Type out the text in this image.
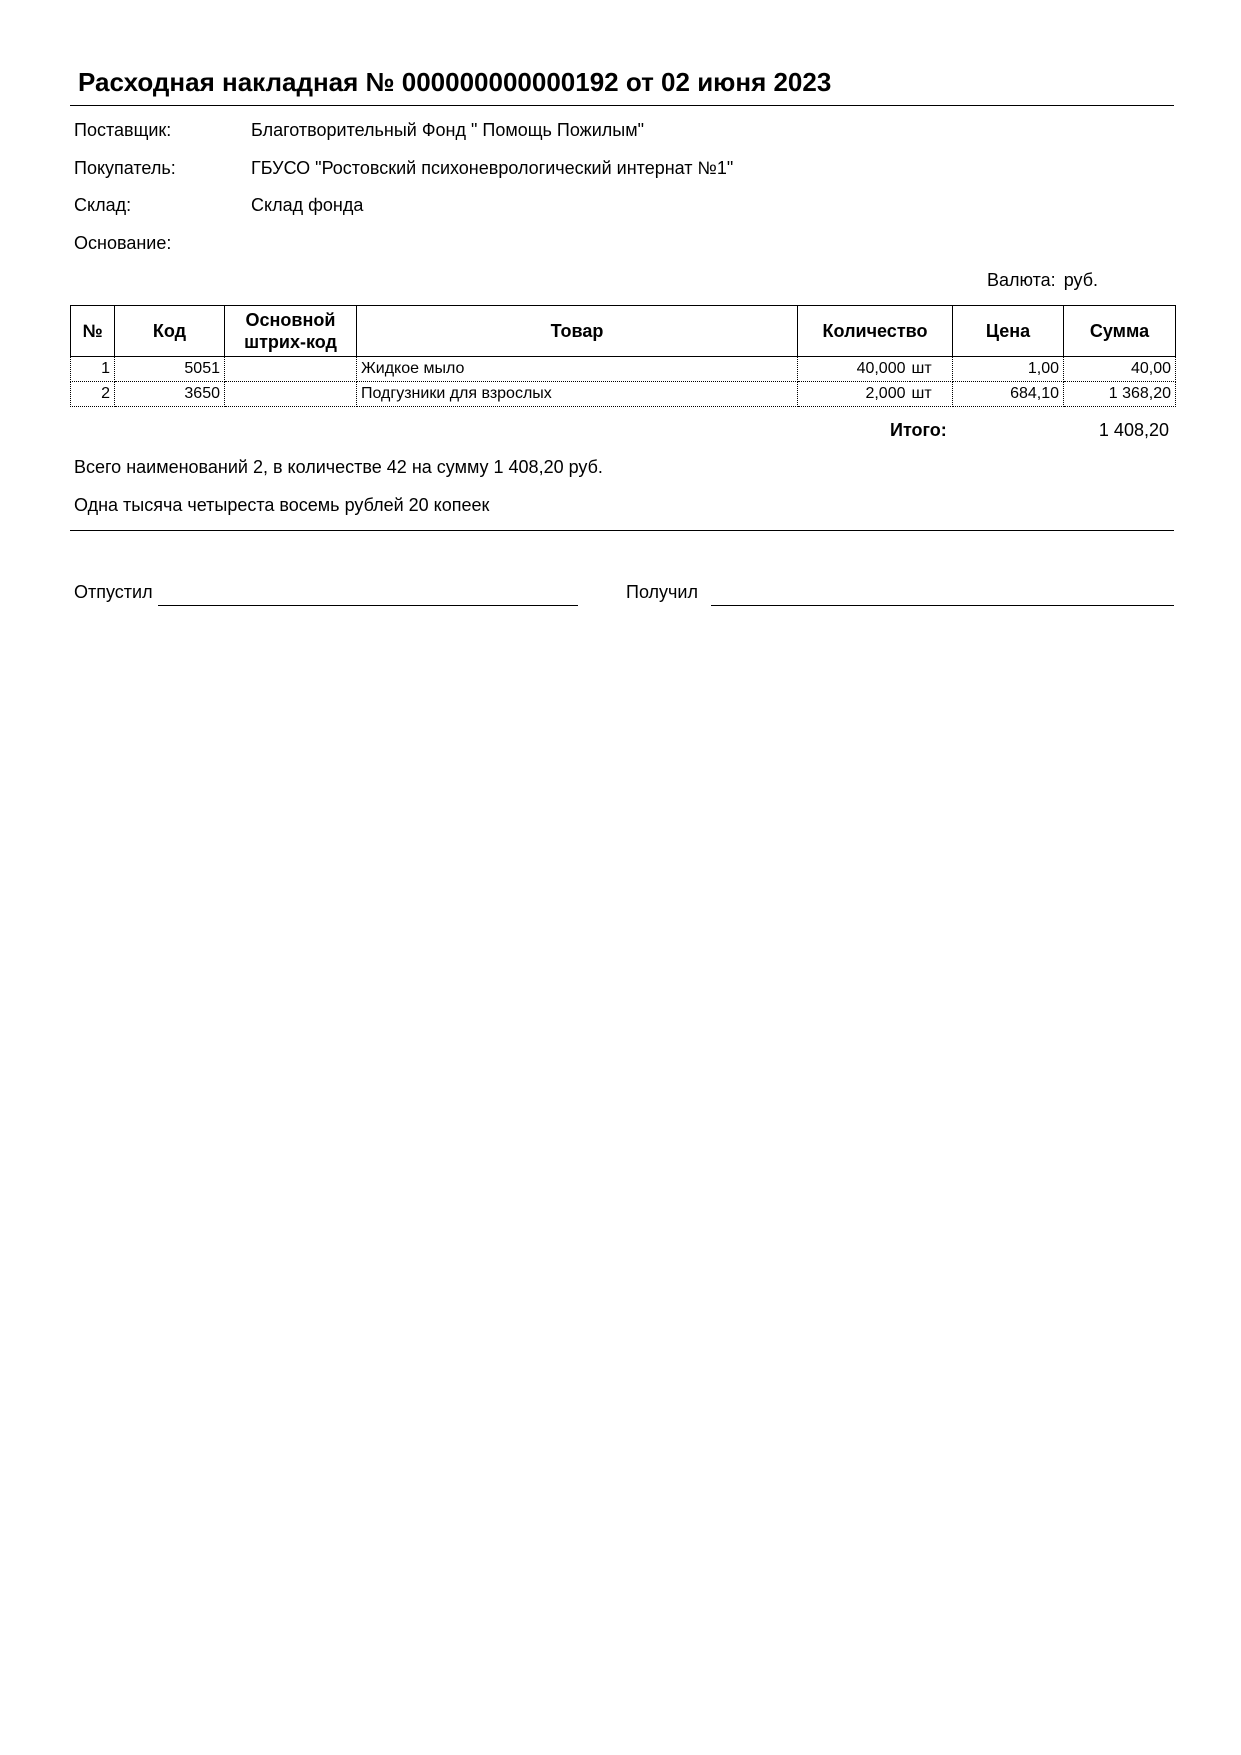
Расходная накладная № 000000000000192 от 02 июня 2023
Поставщик:	Благотворительный Фонд " Помощь Пожилым"
Покупатель:	ГБУСО "Ростовский психоневрологический интернат №1"
Склад:	Склад фонда
Основание:
Валюта: руб.
№	Код	Основной штрих-код	Товар	Количество		Цена	Сумма
1	5051		Жидкое мыло	40,000	шт	1,00	40,00
2	3650		Подгузники для взрослых	2,000	шт	684,10	1 368,20
Итого:	1 408,20
Всего наименований 2, в количестве 42 на сумму 1 408,20 руб.
Одна тысяча четыреста восемь рублей 20 копеек
Отпустил	Получил
